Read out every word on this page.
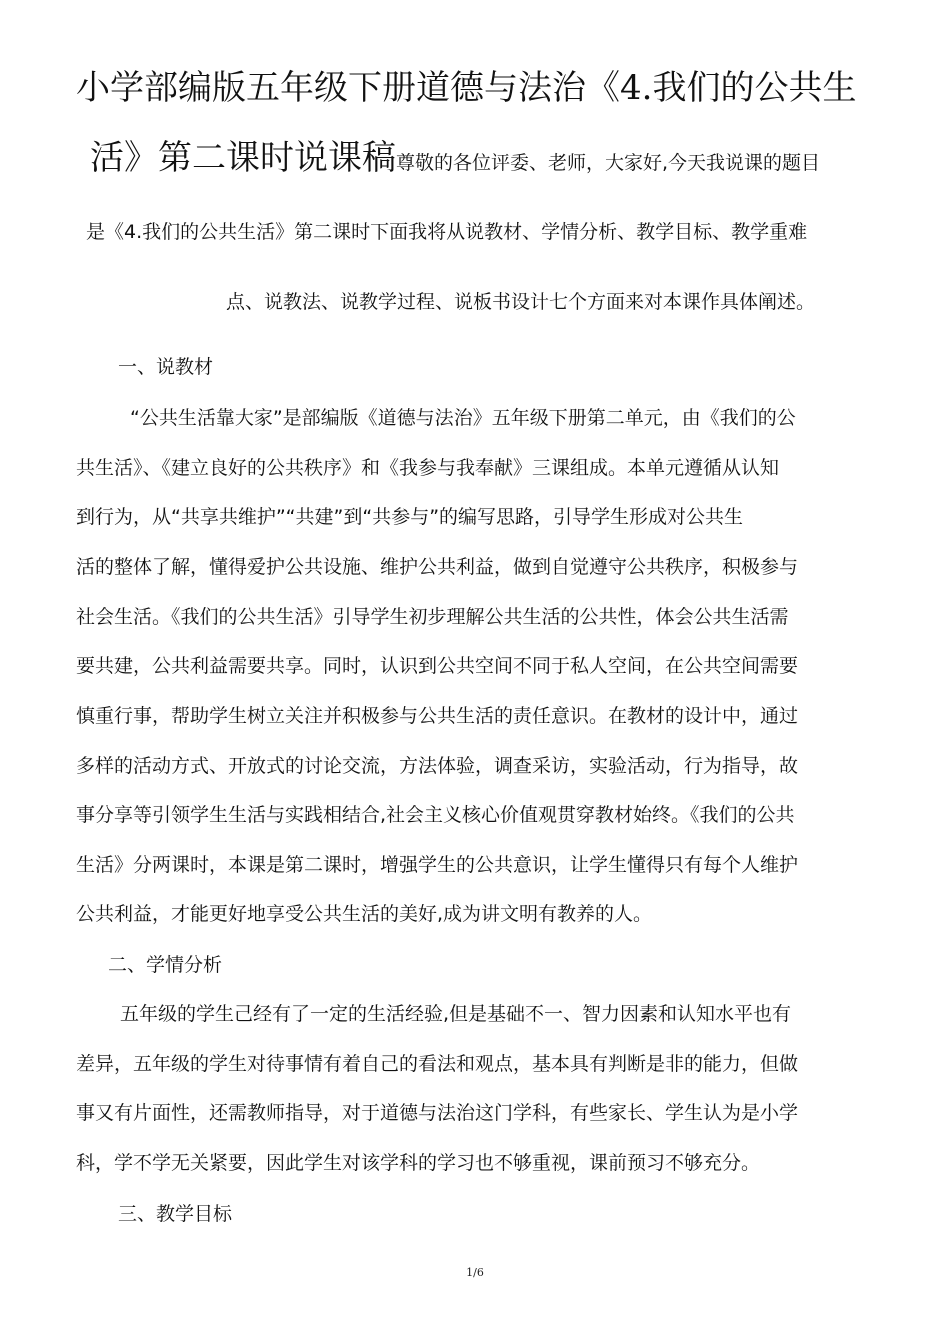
小学部编版五年级下册道德与法治《4.我们的公共生
活》第二课时说课稿尊敬的各位评委、老师，大家好,今天我说课的题目
是《4.我们的公共生活》第二课时下面我将从说教材、学情分析、教学目标、教学重难
点、说教法、说教学过程、说板书设计七个方面来对本课作具体阐述。
一、说教材
“公共生活靠大家”是部编版《道德与法治》五年级下册第二单元，由《我们的公
共生活》、《建立良好的公共秩序》和《我参与我奉献》三课组成。本单元遵循从认知
到行为，从“共享共维护”“共建”到“共参与”的编写思路，引导学生形成对公共生
活的整体了解，懂得爱护公共设施、维护公共利益，做到自觉遵守公共秩序，积极参与
社会生活。《我们的公共生活》引导学生初步理解公共生活的公共性，体会公共生活需
要共建，公共利益需要共享。同时，认识到公共空间不同于私人空间，在公共空间需要
慎重行事，帮助学生树立关注并积极参与公共生活的责任意识。在教材的设计中，通过
多样的活动方式、开放式的讨论交流，方法体验，调查采访，实验活动，行为指导，故
事分享等引领学生生活与实践相结合,社会主义核心价值观贯穿教材始终。《我们的公共
生活》分两课时，本课是第二课时，增强学生的公共意识，让学生懂得只有每个人维护
公共利益，才能更好地享受公共生活的美好,成为讲文明有教养的人。
二、学情分析
五年级的学生己经有了一定的生活经验,但是基础不一、智力因素和认知水平也有
差异，五年级的学生对待事情有着自己的看法和观点，基本具有判断是非的能力，但做
事又有片面性，还需教师指导，对于道德与法治这门学科，有些家长、学生认为是小学
科，学不学无关紧要，因此学生对该学科的学习也不够重视，课前预习不够充分。
三、教学目标
1/6
